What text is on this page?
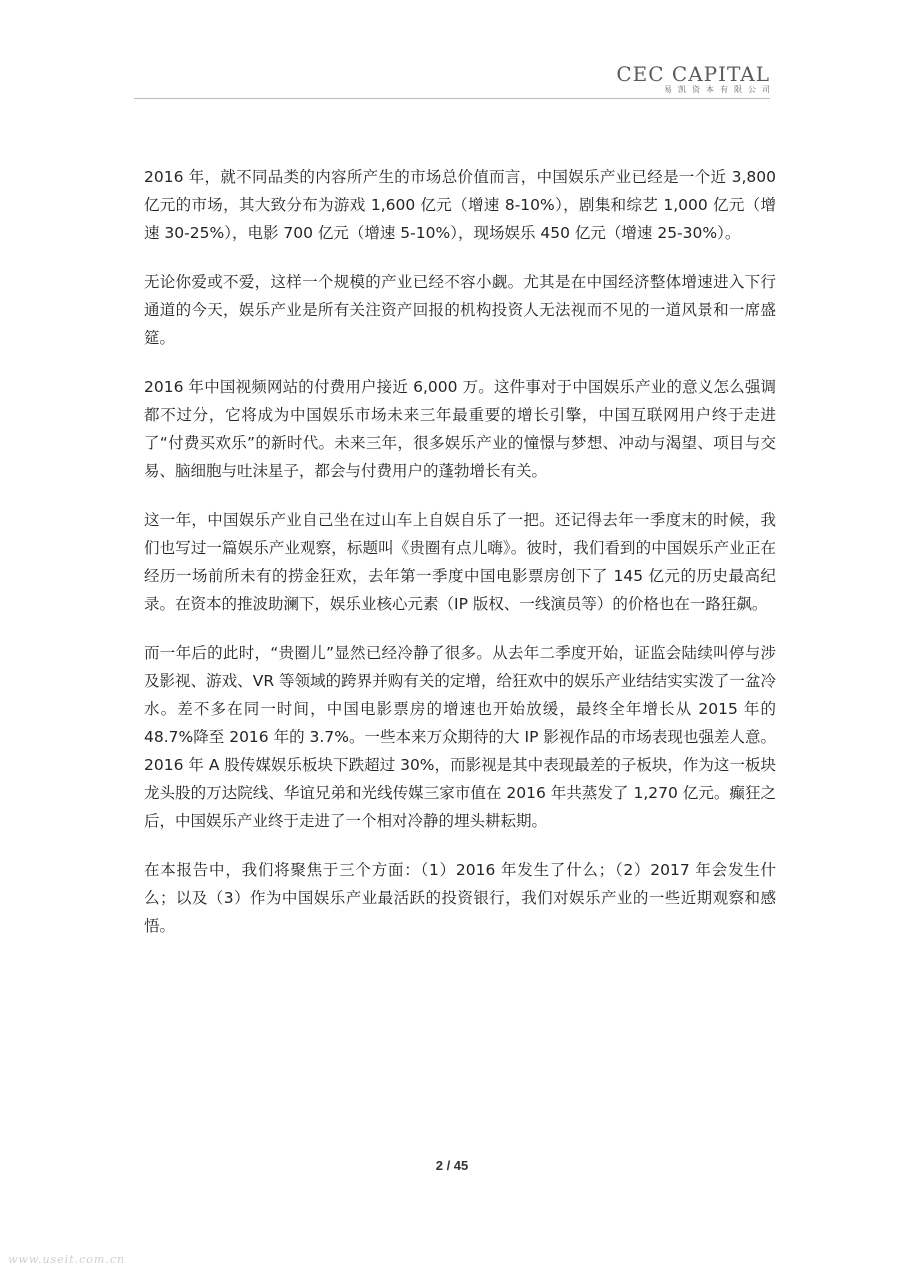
CEC CAPITAL
易凯资本有限公司

2016 年，就不同品类的内容所产生的市场总价值而言，中国娱乐产业已经是一个近 3,800 亿元的市场，其大致分布为游戏 1,600 亿元（增速 8-10%），剧集和综艺 1,000 亿元（增速 30-25%），电影 700 亿元（增速 5-10%），现场娱乐 450 亿元（增速 25-30%）。

无论你爱或不爱，这样一个规模的产业已经不容小觑。尤其是在中国经济整体增速进入下行通道的今天，娱乐产业是所有关注资产回报的机构投资人无法视而不见的一道风景和一席盛筵。

2016 年中国视频网站的付费用户接近 6,000 万。这件事对于中国娱乐产业的意义怎么强调都不过分，它将成为中国娱乐市场未来三年最重要的增长引擎，中国互联网用户终于走进了“付费买欢乐”的新时代。未来三年，很多娱乐产业的憧憬与梦想、冲动与渴望、项目与交易、脑细胞与吐沫星子，都会与付费用户的蓬勃增长有关。

这一年，中国娱乐产业自己坐在过山车上自娱自乐了一把。还记得去年一季度末的时候，我们也写过一篇娱乐产业观察，标题叫《贵圈有点儿嗨》。彼时，我们看到的中国娱乐产业正在经历一场前所未有的捞金狂欢，去年第一季度中国电影票房创下了 145 亿元的历史最高纪录。在资本的推波助澜下，娱乐业核心元素（IP 版权、一线演员等）的价格也在一路狂飙。

而一年后的此时，“贵圈儿”显然已经冷静了很多。从去年二季度开始，证监会陆续叫停与涉及影视、游戏、VR 等领域的跨界并购有关的定增，给狂欢中的娱乐产业结结实实泼了一盆冷水。差不多在同一时间，中国电影票房的增速也开始放缓，最终全年增长从 2015 年的 48.7%降至 2016 年的 3.7%。一些本来万众期待的大 IP 影视作品的市场表现也强差人意。2016 年 A 股传媒娱乐板块下跌超过 30%，而影视是其中表现最差的子板块，作为这一板块龙头股的万达院线、华谊兄弟和光线传媒三家市值在 2016 年共蒸发了 1,270 亿元。癫狂之后，中国娱乐产业终于走进了一个相对冷静的埋头耕耘期。

在本报告中，我们将聚焦于三个方面：（1）2016 年发生了什么；（2）2017 年会发生什么；以及（3）作为中国娱乐产业最活跃的投资银行，我们对娱乐产业的一些近期观察和感悟。

2 / 45
www.useit.com.cn
